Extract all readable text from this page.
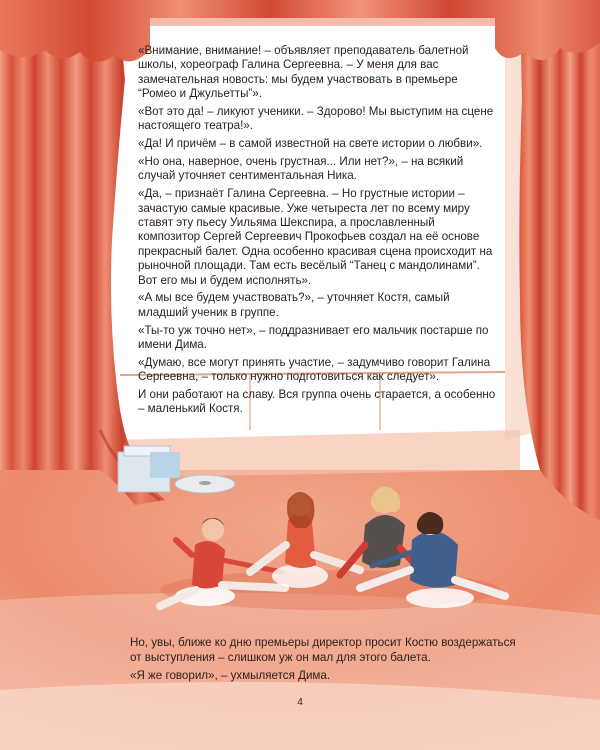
«Внимание, внимание! – объявляет преподаватель балетной школы, хореограф Галина Сергеевна. – У меня для вас замечательная новость: мы будем участвовать в премьере “Ромео и Джульетты”».

«Вот это да! – ликуют ученики. – Здорово! Мы выступим на сцене настоящего театра!».

«Да! И причём – в самой известной на свете истории о любви».

«Но она, наверное, очень грустная... Или нет?», – на всякий случай уточняет сентиментальная Ника.

«Да, – признаёт Галина Сергеевна. – Но грустные истории – зачастую самые красивые. Уже четыреста лет по всему миру ставят эту пьесу Уильяма Шекспира, а прославленный композитор Сергей Сергеевич Прокофьев создал на её основе прекрасный балет. Одна особенно красивая сцена происходит на рыночной площади. Там есть весёлый “Танец с мандолинами”. Вот его мы и будем исполнять».

«А мы все будем участвовать?», – уточняет Костя, самый младший ученик в группе.

«Ты-то уж точно нет», – поддразнивает его мальчик постарше по имени Дима.

«Думаю, все могут принять участие, – задумчиво говорит Галина Сергеевна, – только нужно подготовиться как следует».

И они работают на славу. Вся группа очень старается, а особенно – маленький Костя.

Но, увы, ближе ко дню премьеры директор просит Костю воздержаться от выступления – слишком уж он мал для этого балета.

«Я же говорил», – ухмыляется Дима.

4
